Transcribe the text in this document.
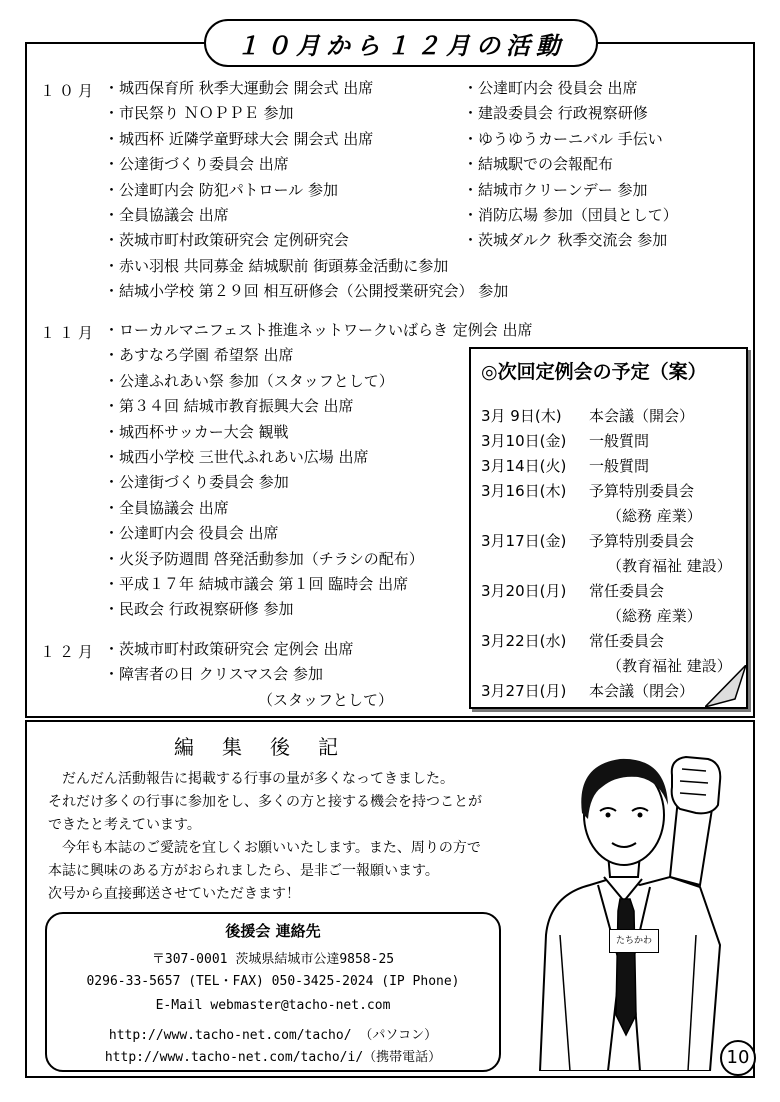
１０月から１２月の活動
１０月 ・城西保育所 秋季大運動会 開会式 出席
・市民祭り ＮＯＰＰＥ 参加
・城西杯 近隣学童野球大会 開会式 出席
・公達街づくり委員会 出席
・公達町内会 防犯パトロール 参加
・全員協議会 出席
・茨城市町村政策研究会 定例研究会
・赤い羽根 共同募金 結城駅前 街頭募金活動に参加
・結城小学校 第２９回 相互研修会（公開授業研究会） 参加
・公達町内会 役員会 出席
・建設委員会 行政視察研修
・ゆうゆうカーニバル 手伝い
・結城駅での会報配布
・結城市クリーンデー 参加
・消防広場 参加（団員として）
・茨城ダルク 秋季交流会 参加
１１月 ・ローカルマニフェスト推進ネットワークいばらき 定例会 出席
・あすなろ学園 希望祭 出席
・公達ふれあい祭 参加（スタッフとして）
・第３４回 結城市教育振興大会 出席
・城西杯サッカー大会 観戦
・城西小学校 三世代ふれあい広場 出席
・公達街づくり委員会 参加
・全員協議会 出席
・公達町内会 役員会 出席
・火災予防週間 啓発活動参加（チラシの配布）
・平成１７年 結城市議会 第１回 臨時会 出席
・民政会 行政視察研修 参加
１２月 ・茨城市町村政策研究会 定例会 出席
・障害者の日 クリスマス会 参加
（スタッフとして）
◎次回定例会の予定（案）
3月 9日(木) 本会議（開会）
3月10日(金) 一般質問
3月14日(火) 一般質問
3月16日(木) 予算特別委員会
（総務 産業）
3月17日(金) 予算特別委員会
（教育福祉 建設）
3月20日(月) 常任委員会
（総務 産業）
3月22日(水) 常任委員会
（教育福祉 建設）
3月27日(月) 本会議（閉会）
編集後記
　だんだん活動報告に掲載する行事の量が多くなってきました。
それだけ多くの行事に参加をし、多くの方と接する機会を持つことが
できたと考えています。
　今年も本誌のご愛読を宜しくお願いいたします。また、周りの方で
本誌に興味のある方がおられましたら、是非ご一報願います。
次号から直接郵送させていただきます！
後援会 連絡先
〒307-0001 茨城県結城市公達9858-25
0296-33-5657 (TEL・FAX) 050-3425-2024 (IP Phone)
E-Mail webmaster@tacho-net.com
http://www.tacho-net.com/tacho/ （パソコン）
http://www.tacho-net.com/tacho/i/（携帯電話）
たちかわ
10
